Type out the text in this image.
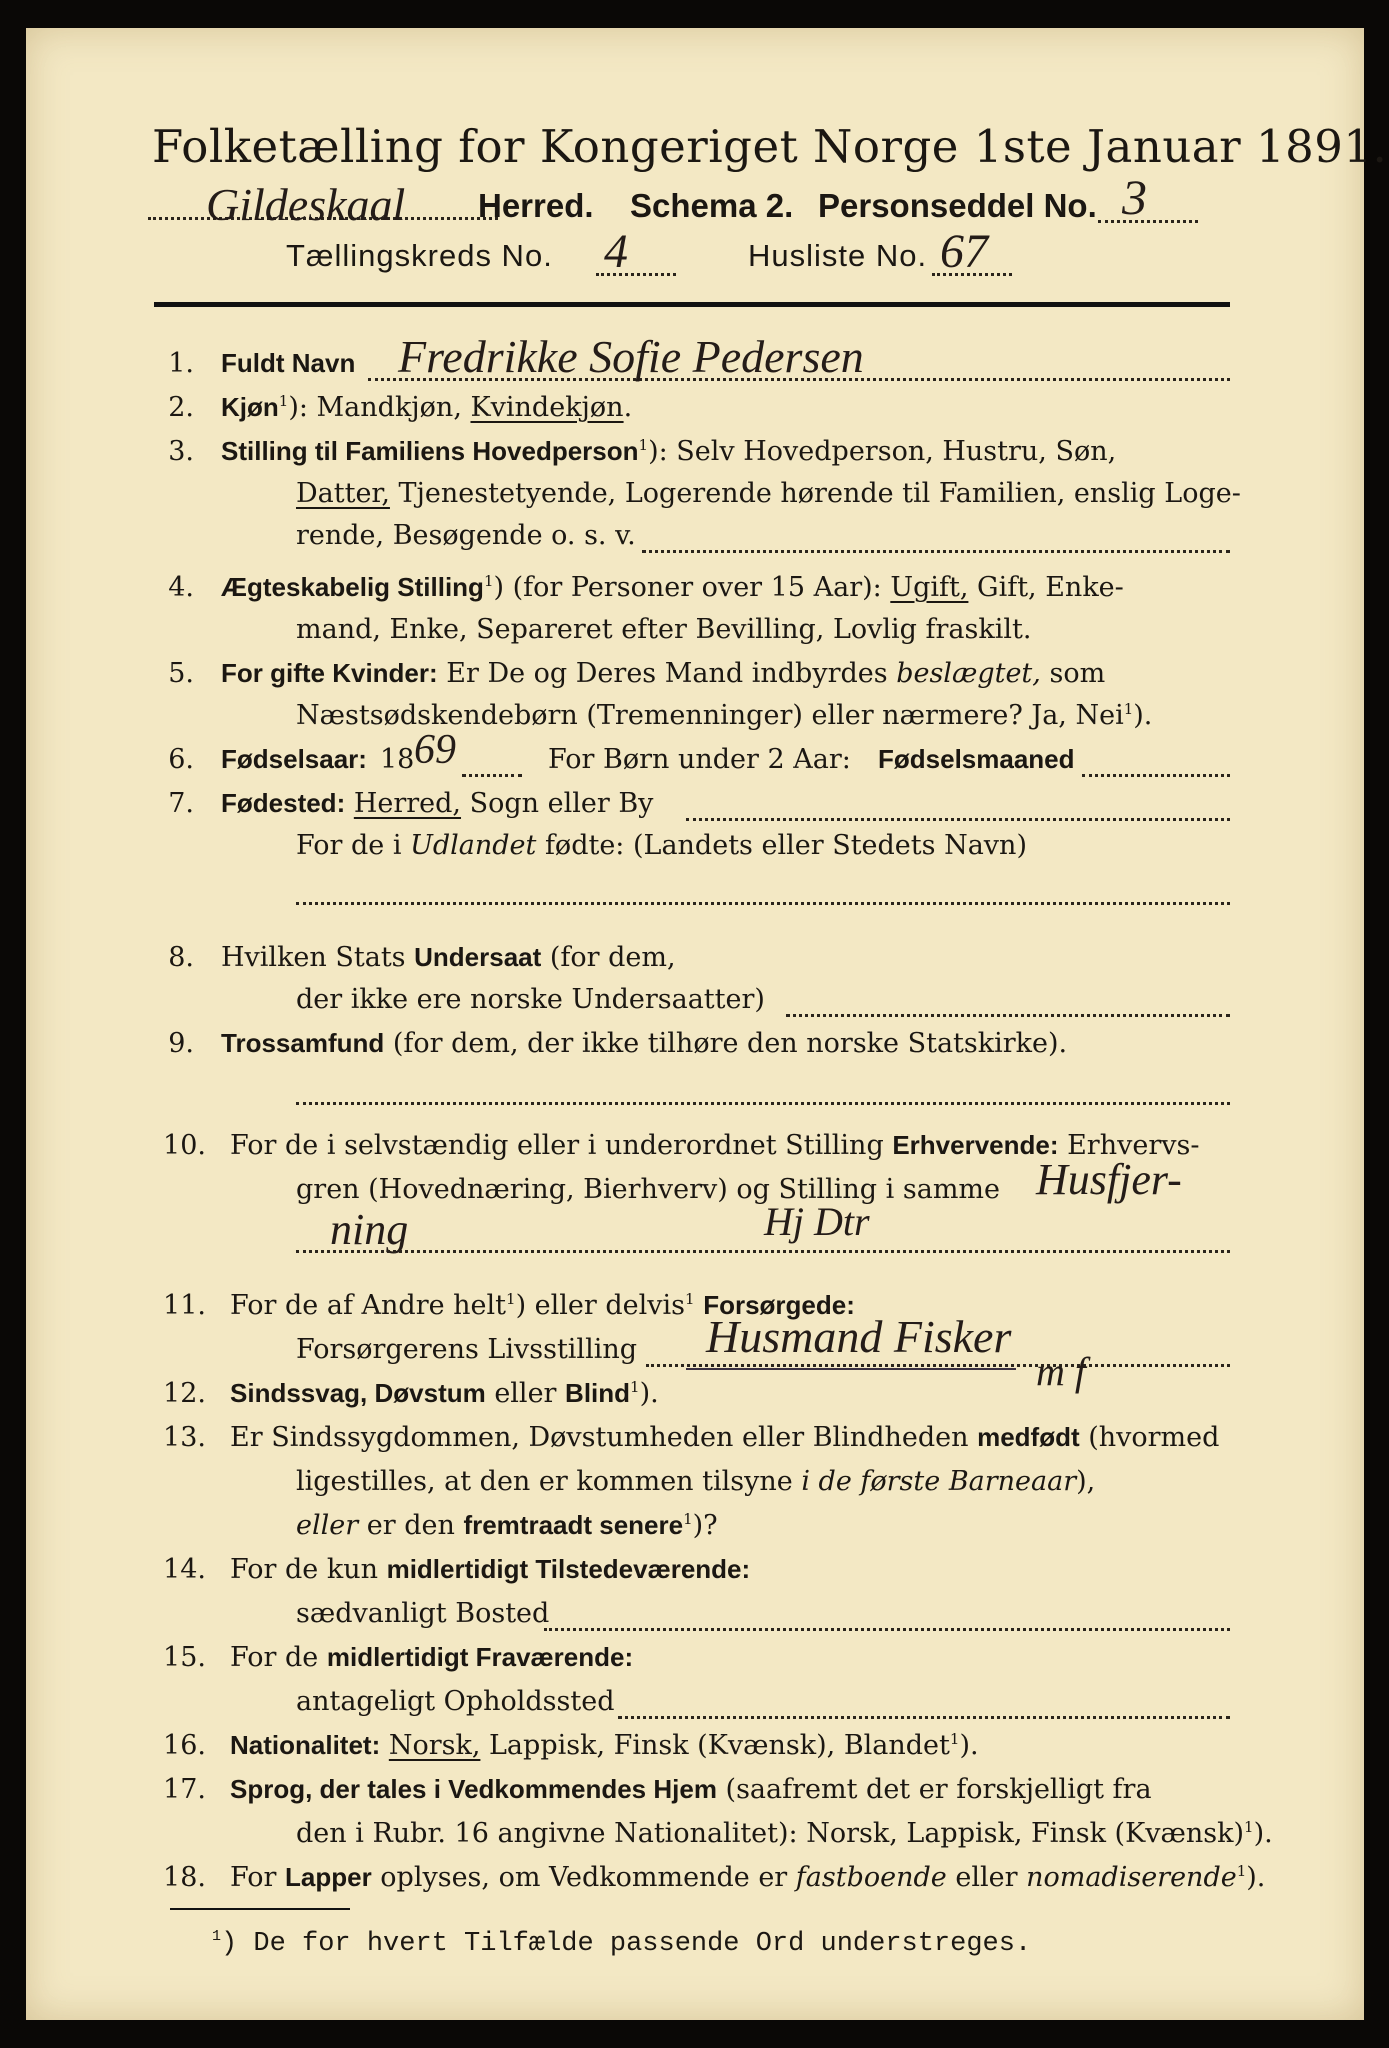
Folketælling for Kongeriget Norge 1ste Januar 1891.
Gildeskaal Herred. Schema 2. Personseddel No. 3
Tællingskreds No. 4	Husliste No. 67
1. Fuldt Navn Fredrikke Sofie Pedersen
2. Kjøn$^1$): Mandkjøn, Kvindekjøn.
3. Stilling til Familiens Hovedperson$^1$): Selv Hovedperson, Hustru, Søn,
Datter, Tjenestetyende, Logerende hørende til Familien, enslig Loge-
rende, Besøgende o. s. v.
4. Ægteskabelig Stilling$^1$) (for Personer over 15 Aar): Ugift, Gift, Enke-
mand, Enke, Separeret efter Bevilling, Lovlig fraskilt.
5. For gifte Kvinder: Er De og Deres Mand indbyrdes beslægtet, som
Næstsødskendebørn (Tremenninger) eller nærmere? Ja, Nei$^1$).
6. Fødselsaar: 18 69	For Børn under 2 Aar: Fødselsmaaned
7. Fødested: Herred, Sogn eller By
For de i Udlandet fødte: (Landets eller Stedets Navn)
8. Hvilken Stats Undersaat (for dem,
der ikke ere norske Undersaatter)
9. Trossamfund (for dem, der ikke tilhøre den norske Statskirke).
10. For de i selvstændig eller i underordnet Stilling Erhvervende: Erhvervs-
gren (Hovednæring, Bierhverv) og Stilling i samme Husfjer-
ning	Hj Dtr
11. For de af Andre helt$^1$) eller delvis$^1$ Forsørgede:
Forsørgerens Livsstilling Husmand Fisker
m f
12. Sindssvag, Døvstum eller Blind$^1$).
13. Er Sindssygdommen, Døvstumheden eller Blindheden medfødt (hvormed
ligestilles, at den er kommen tilsyne i de første Barneaar),
eller er den fremtraadt senere$^1$)?
14. For de kun midlertidigt Tilstedeværende:
sædvanligt Bosted
15. For de midlertidigt Fraværende:
antageligt Opholdssted
16. Nationalitet: Norsk, Lappisk, Finsk (Kvænsk), Blandet$^1$).
17. Sprog, der tales i Vedkommendes Hjem (saafremt det er forskjelligt fra
den i Rubr. 16 angivne Nationalitet): Norsk, Lappisk, Finsk (Kvænsk)$^1$).
18. For Lapper oplyses, om Vedkommende er fastboende eller nomadiserende$^1$).
$^1$) De for hvert Tilfælde passende Ord understreges.
